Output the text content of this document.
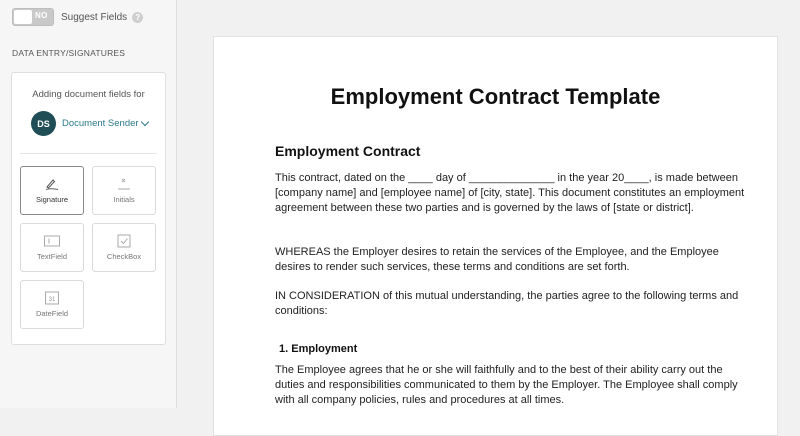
NO Suggest Fields	?
DATA ENTRY/SIGNATURES
Adding document fields for
DS	Document Sender
Signature	Initials
TextField	CheckBox
31
DateField
Employment Contract Template
Employment Contract
This contract, dated on the ____ day of ______________ in the year 20____, is made between [company name] and [employee name] of [city, state]. This document constitutes an employment agreement between these two parties and is governed by the laws of [state or district].
WHEREAS the Employer desires to retain the services of the Employee, and the Employee desires to render such services, these terms and conditions are set forth.
IN CONSIDERATION of this mutual understanding, the parties agree to the following terms and conditions:
1. Employment
The Employee agrees that he or she will faithfully and to the best of their ability carry out the duties and responsibilities communicated to them by the Employer. The Employee shall comply with all company policies, rules and procedures at all times.
